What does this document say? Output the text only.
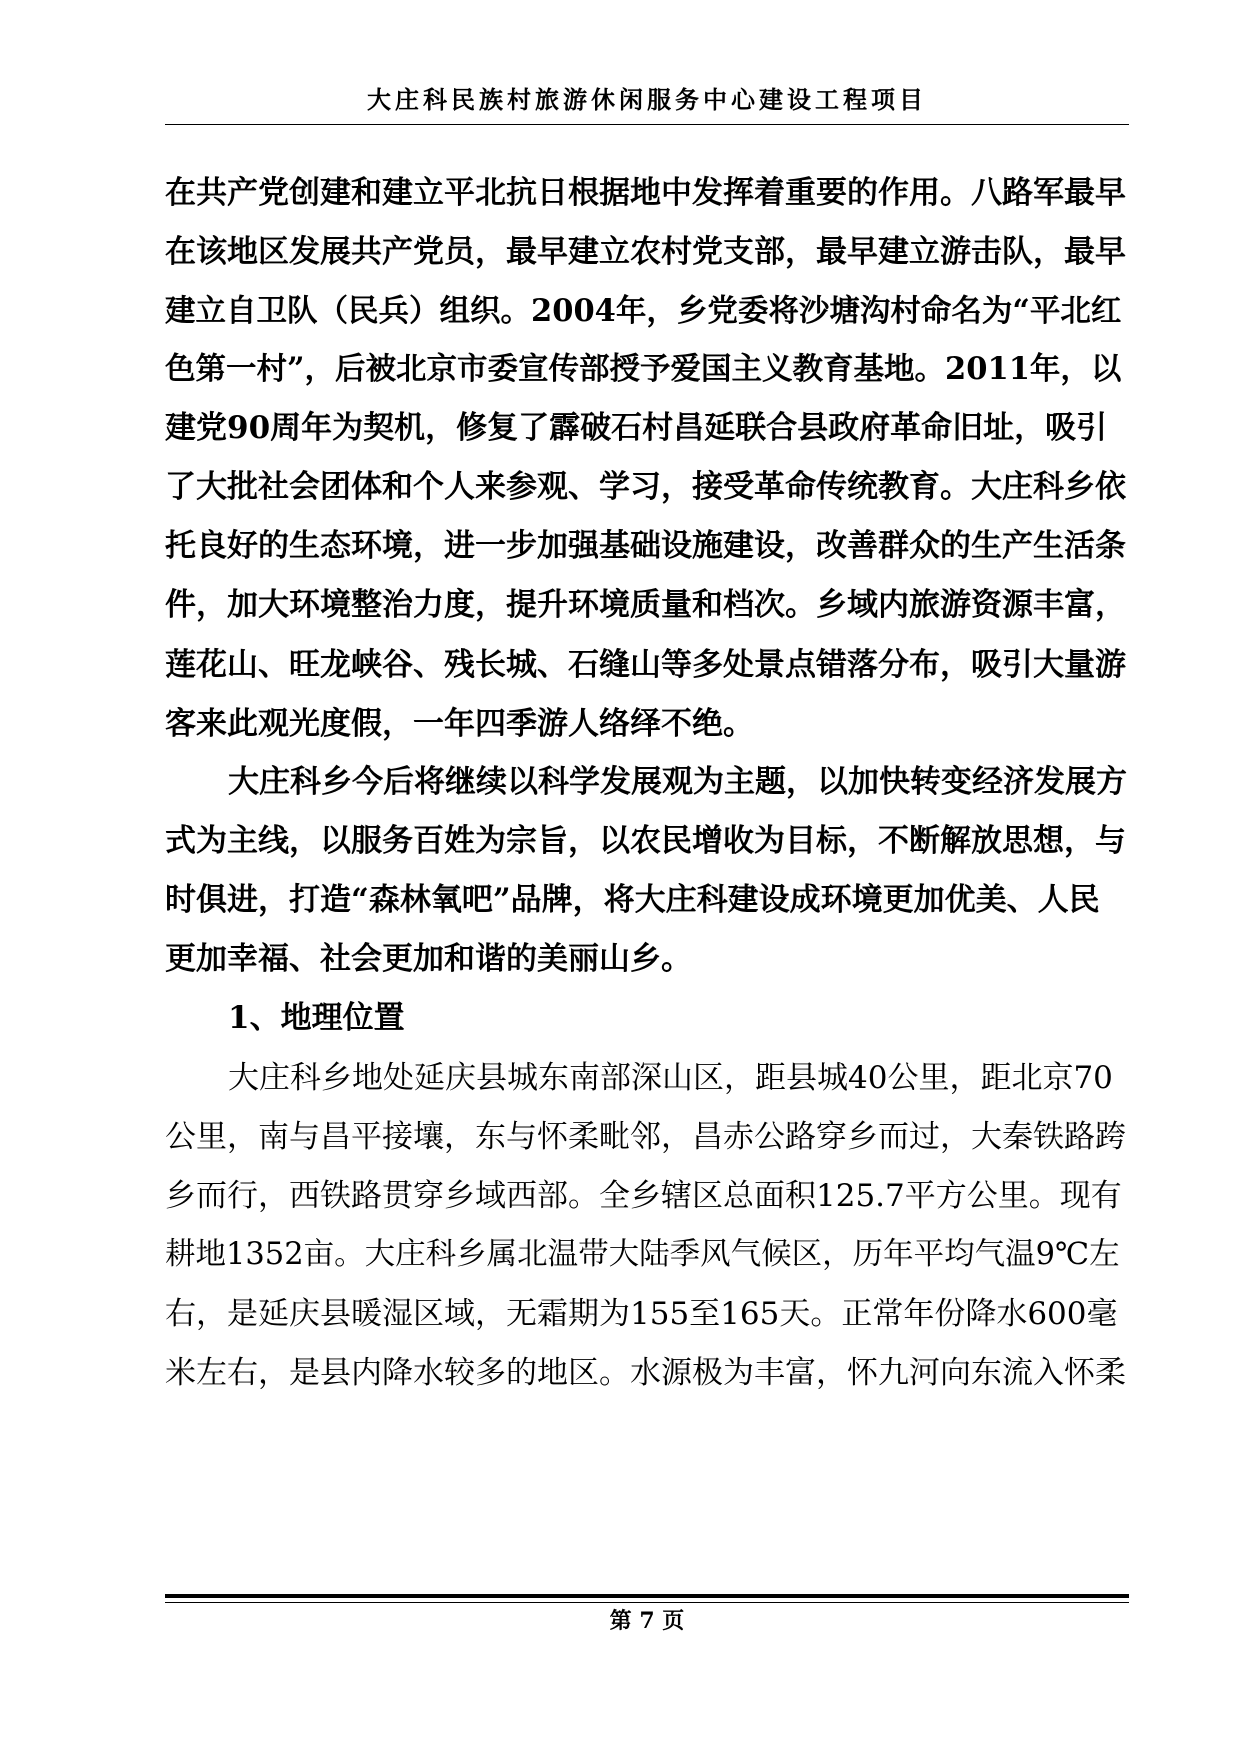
大庄科民族村旅游休闲服务中心建设工程项目
在共产党创建和建立平北抗日根据地中发挥着重要的作用。八路军最早
在该地区发展共产党员，最早建立农村党支部，最早建立游击队，最早
建立自卫队（民兵）组织。2004年，乡党委将沙塘沟村命名为“平北红
色第一村”，后被北京市委宣传部授予爱国主义教育基地。2011年，以
建党90周年为契机，修复了霹破石村昌延联合县政府革命旧址，吸引
了大批社会团体和个人来参观、学习，接受革命传统教育。大庄科乡依
托良好的生态环境，进一步加强基础设施建设，改善群众的生产生活条
件，加大环境整治力度，提升环境质量和档次。乡域内旅游资源丰富，
莲花山、旺龙峡谷、残长城、石缝山等多处景点错落分布，吸引大量游
客来此观光度假，一年四季游人络绎不绝。
大庄科乡今后将继续以科学发展观为主题，以加快转变经济发展方
式为主线，以服务百姓为宗旨，以农民增收为目标，不断解放思想，与
时俱进，打造“森林氧吧”品牌，将大庄科建设成环境更加优美、人民
更加幸福、社会更加和谐的美丽山乡。
1、地理位置
大庄科乡地处延庆县城东南部深山区，距县城40公里，距北京70
公里，南与昌平接壤，东与怀柔毗邻，昌赤公路穿乡而过，大秦铁路跨
乡而行，西铁路贯穿乡域西部。全乡辖区总面积125.7平方公里。现有
耕地1352亩。大庄科乡属北温带大陆季风气候区，历年平均气温9℃左
右，是延庆县暖湿区域，无霜期为155至165天。正常年份降水600毫
米左右，是县内降水较多的地区。水源极为丰富，怀九河向东流入怀柔
第 7 页
